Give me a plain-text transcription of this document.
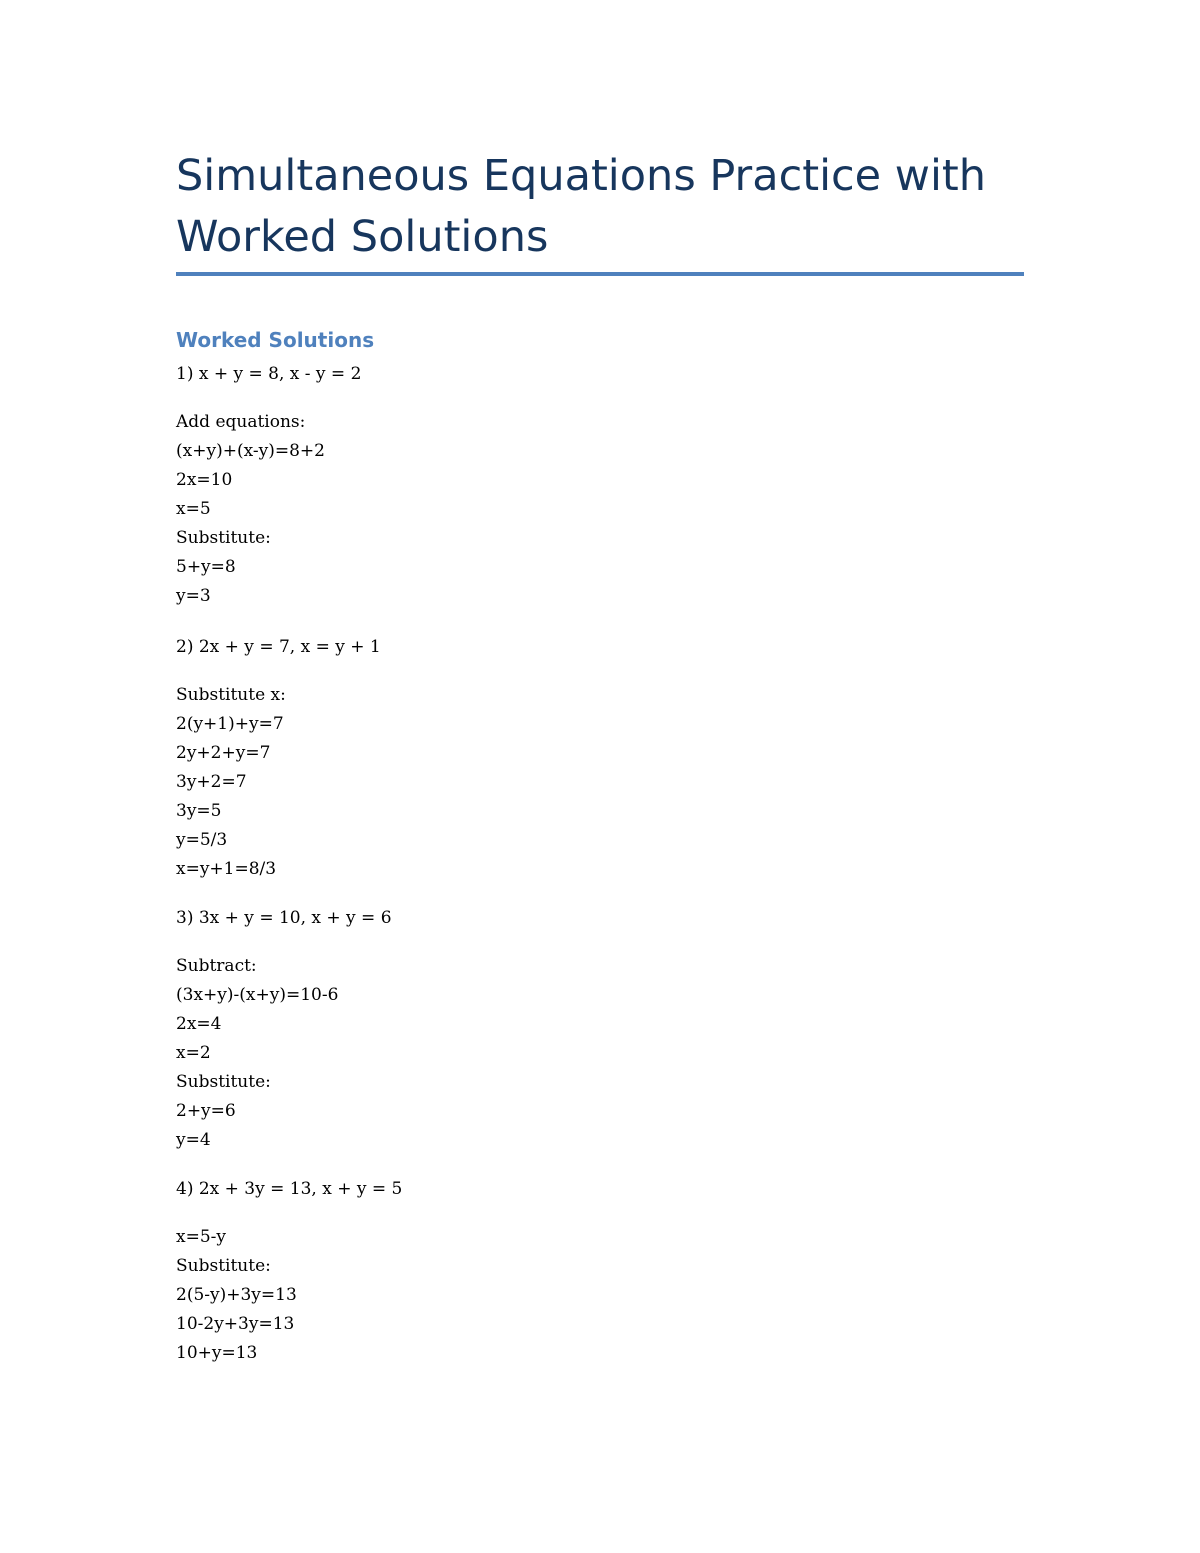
Simultaneous Equations Practice with Worked Solutions
Worked Solutions
1) x + y = 8, x - y = 2
Add equations:
(x+y)+(x-y)=8+2
2x=10
x=5
Substitute:
5+y=8
y=3
2) 2x + y = 7, x = y + 1
Substitute x:
2(y+1)+y=7
2y+2+y=7
3y+2=7
3y=5
y=5/3
x=y+1=8/3
3) 3x + y = 10, x + y = 6
Subtract:
(3x+y)-(x+y)=10-6
2x=4
x=2
Substitute:
2+y=6
y=4
4) 2x + 3y = 13, x + y = 5
x=5-y
Substitute:
2(5-y)+3y=13
10-2y+3y=13
10+y=13
